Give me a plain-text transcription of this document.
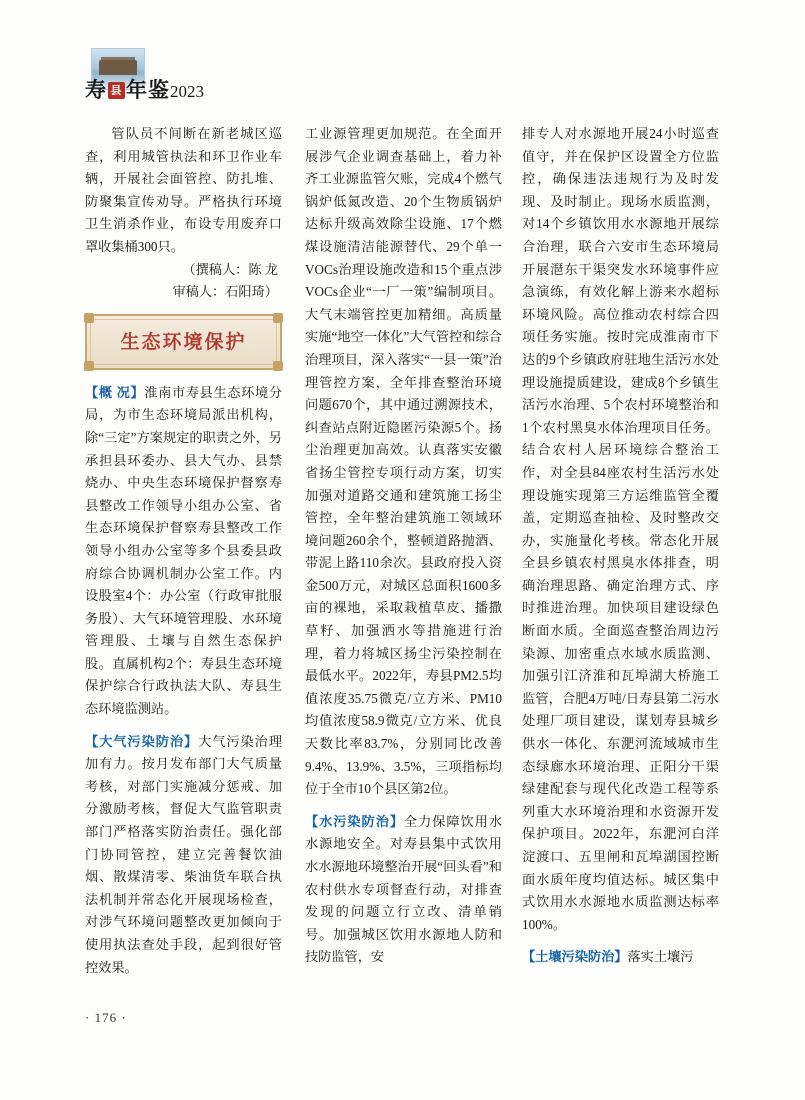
寿 县 年鉴2023

管队员不间断在新老城区巡查，利用城管执法和环卫作业车辆，开展社会面管控、防扎堆、防聚集宣传劝导。严格执行环境卫生消杀作业，布设专用废弃口罩收集桶300只。

（撰稿人：陈 龙

审稿人：石阳琦）

生态环境保护

【概 况】淮南市寿县生态环境分局，为市生态环境局派出机构，除“三定”方案规定的职责之外，另承担县环委办、县大气办、县禁烧办、中央生态环境保护督察寿县整改工作领导小组办公室、省生态环境保护督察寿县整改工作领导小组办公室等多个县委县政府综合协调机制办公室工作。内设股室4个：办公室（行政审批服务股）、大气环境管理股、水环境管理股、土壤与自然生态保护股。直属机构2个：寿县生态环境保护综合行政执法大队、寿县生态环境监测站。

【大气污染防治】大气污染治理加有力。按月发布部门大气质量考核，对部门实施减分惩戒、加分激励考核，督促大气监管职责部门严格落实防治责任。强化部门协同管控，建立完善餐饮油烟、散煤清零、柴油货车联合执法机制并常态化开展现场检查，对涉气环境问题整改更加倾向于使用执法查处手段，起到很好管控效果。

工业源管理更加规范。在全面开展涉气企业调查基础上，着力补齐工业源监管欠账，完成4个燃气锅炉低氮改造、20个生物质锅炉达标升级高效除尘设施、17个燃煤设施清洁能源替代、29个单一VOCs治理设施改造和15个重点涉VOCs企业“一厂一策”编制项目。大气末端管控更加精细。高质量实施“地空一体化”大气管控和综合治理项目，深入落实“一县一策”治理管控方案，全年排查整治环境问题670个，其中通过溯源技术，纠查站点附近隐匿污染源5个。扬尘治理更加高效。认真落实安徽省扬尘管控专项行动方案，切实加强对道路交通和建筑施工扬尘管控，全年整治建筑施工领域环境问题260余个，整顿道路抛酒、带泥上路110余次。县政府投入资金500万元，对城区总面积1600多亩的裸地，采取栽植草皮、播撒草籽、加强洒水等措施进行治理，着力将城区扬尘污染控制在最低水平。2022年，寿县PM2.5均值浓度35.75微克/立方米、PM10均值浓度58.9微克/立方米、优良天数比率83.7%，分别同比改善9.4%、13.9%、3.5%，三项指标均位于全市10个县区第2位。

【水污染防治】全力保障饮用水水源地安全。对寿县集中式饮用水水源地环境整治开展“回头看”和农村供水专项督查行动，对排查发现的问题立行立改、清单销号。加强城区饮用水源地人防和技防监管，安

排专人对水源地开展24小时巡查值守，并在保护区设置全方位监控，确保违法违规行为及时发现、及时制止。现场水质监测，对14个乡镇饮用水水源地开展综合治理，联合六安市生态环境局开展潖东干渠突发水环境事件应急演练，有效化解上游来水超标环境风险。高位推动农村综合四项任务实施。按时完成淮南市下达的9个乡镇政府驻地生活污水处理设施提质建设，建成8个乡镇生活污水治理、5个农村环境整治和1个农村黑臭水体治理项目任务。结合农村人居环境综合整治工作，对全县84座农村生活污水处理设施实现第三方运维监管全覆盖，定期巡查抽检、及时整改交办，实施量化考核。常态化开展全县乡镇农村黑臭水体排查，明确治理思路、确定治理方式、序时推进治理。加快项目建设绿色断面水质。全面巡查整治周边污染源、加密重点水域水质监测、加强引江济淮和瓦埠湖大桥施工监管，合肥4万吨/日寿县第二污水处理厂项目建设，谋划寿县城乡供水一体化、东淝河流域城市生态绿廊水环境治理、正阳分干渠绿建配套与现代化改造工程等系列重大水环境治理和水资源开发保护项目。2022年，东淝河白洋淀渡口、五里闸和瓦埠湖国控断面水质年度均值达标。城区集中式饮用水水源地水质监测达标率100%。

【土壤污染防治】落实土壤污

· 176 ·
